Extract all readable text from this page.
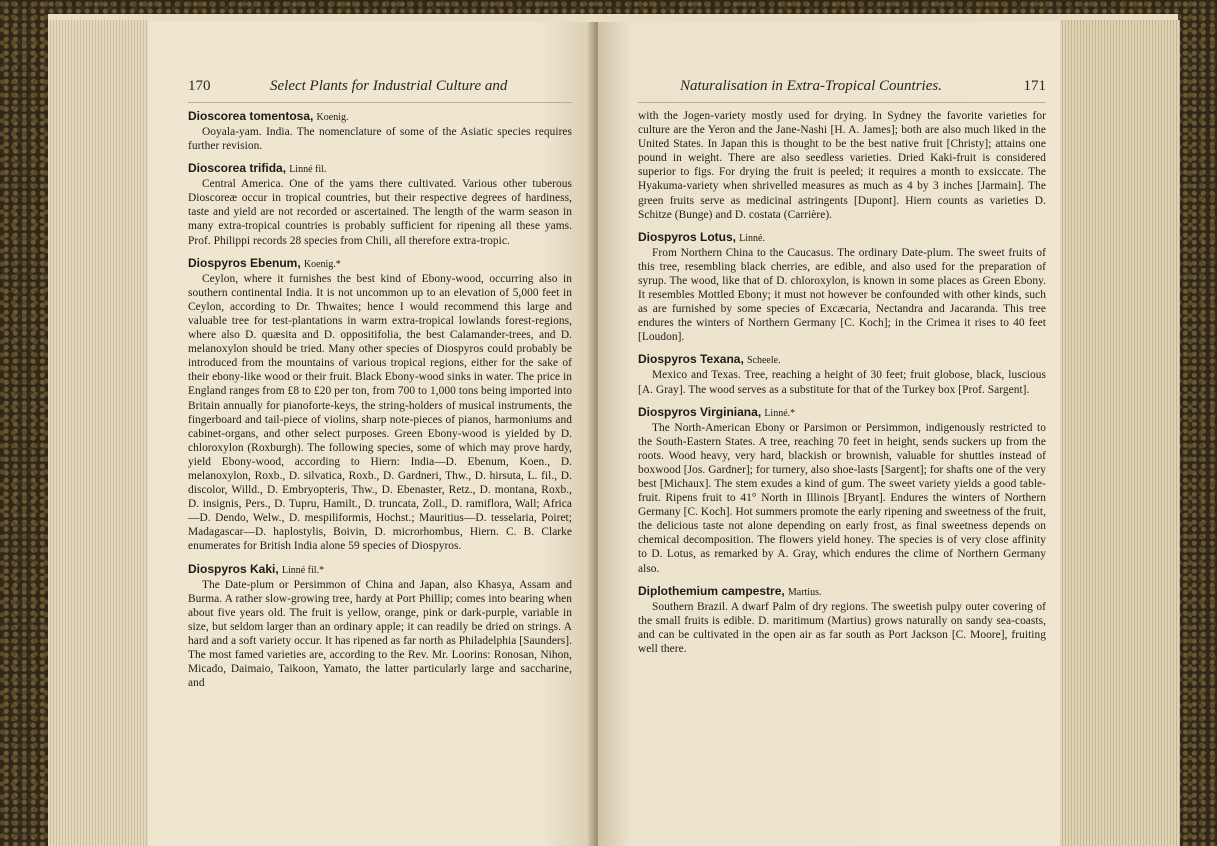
170	Select Plants for Industrial Culture and
Dioscorea tomentosa, Koenig.

Ooyala-yam. India. The nomenclature of some of the Asiatic species requires further revision.

Dioscorea trifida, Linné fil.

Central America. One of the yams there cultivated. Various other tuberous Dioscoreæ occur in tropical countries, but their respective degrees of hardiness, taste and yield are not recorded or ascertained. The length of the warm season in many extra-tropical countries is probably sufficient for ripening all these yams. Prof. Philippi records 28 species from Chili, all therefore extra-tropic.

Diospyros Ebenum, Koenig.*

Ceylon, where it furnishes the best kind of Ebony-wood, occurring also in southern continental India. It is not uncommon up to an elevation of 5,000 feet in Ceylon, according to Dr. Thwaites; hence I would recommend this large and valuable tree for test-plantations in warm extra-tropical lowlands forest-regions, where also D. quæsita and D. oppositifolia, the best Calamander-trees, and D. melanoxylon should be tried. Many other species of Diospyros could probably be introduced from the mountains of various tropical regions, either for the sake of their ebony-like wood or their fruit. Black Ebony-wood sinks in water. The price in England ranges from £8 to £20 per ton, from 700 to 1,000 tons being imported into Britain annually for pianoforte-keys, the string-holders of musical instruments, the fingerboard and tail-piece of violins, sharp note-pieces of pianos, harmoniums and cabinet-organs, and other select purposes. Green Ebony-wood is yielded by D. chloroxylon (Roxburgh). The following species, some of which may prove hardy, yield Ebony-wood, according to Hiern: India—D. Ebenum, Koen., D. melanoxylon, Roxb., D. silvatica, Roxb., D. Gardneri, Thw., D. hirsuta, L. fil., D. discolor, Willd., D. Embryopteris, Thw., D. Ebenaster, Retz., D. montana, Roxb., D. insignis, Pers., D. Tupru, Hamilt., D. truncata, Zoll., D. ramiflora, Wall; Africa—D. Dendo, Welw., D. mespiliformis, Hochst.; Mauritius—D. tesselaria, Poiret; Madagascar—D. haplostylis, Boivin, D. microrhombus, Hiern. C. B. Clarke enumerates for British India alone 59 species of Diospyros.

Diospyros Kaki, Linné fil.*

The Date-plum or Persimmon of China and Japan, also Khasya, Assam and Burma. A rather slow-growing tree, hardy at Port Phillip; comes into bearing when about five years old. The fruit is yellow, orange, pink or dark-purple, variable in size, but seldom larger than an ordinary apple; it can readily be dried on strings. A hard and a soft variety occur. It has ripened as far north as Philadelphia [Saunders]. The most famed varieties are, according to the Rev. Mr. Loorins: Ronosan, Nihon, Micado, Daimaio, Taikoon, Yamato, the latter particularly large and saccharine, and

Naturalisation in Extra-Tropical Countries.	171

with the Jogen-variety mostly used for drying. In Sydney the favorite varieties for culture are the Yeron and the Jane-Nashi [H. A. James]; both are also much liked in the United States. In Japan this is thought to be the best native fruit [Christy]; attains one pound in weight. There are also seedless varieties. Dried Kaki-fruit is considered superior to figs. For drying the fruit is peeled; it requires a month to exsiccate. The Hyakuma-variety when shrivelled measures as much as 4 by 3 inches [Jarmain]. The green fruits serve as medicinal astringents [Dupont]. Hiern counts as varieties D. Schitze (Bunge) and D. costata (Carrière).

Diospyros Lotus, Linné.

From Northern China to the Caucasus. The ordinary Date-plum. The sweet fruits of this tree, resembling black cherries, are edible, and also used for the preparation of syrup. The wood, like that of D. chloroxylon, is known in some places as Green Ebony. It resembles Mottled Ebony; it must not however be confounded with other kinds, such as are furnished by some species of Excæcaria, Nectandra and Jacaranda. This tree endures the winters of Northern Germany [C. Koch]; in the Crimea it rises to 40 feet [Loudon].

Diospyros Texana, Scheele.

Mexico and Texas. Tree, reaching a height of 30 feet; fruit globose, black, luscious [A. Gray]. The wood serves as a substitute for that of the Turkey box [Prof. Sargent].

Diospyros Virginiana, Linné.*

The North-American Ebony or Parsimon or Persimmon, indigenously restricted to the South-Eastern States. A tree, reaching 70 feet in height, sends suckers up from the roots. Wood heavy, very hard, blackish or brownish, valuable for shuttles instead of boxwood [Jos. Gardner]; for turnery, also shoe-lasts [Sargent]; for shafts one of the very best [Michaux]. The stem exudes a kind of gum. The sweet variety yields a good table-fruit. Ripens fruit to 41° North in Illinois [Bryant]. Endures the winters of Northern Germany [C. Koch]. Hot summers promote the early ripening and sweetness of the fruit, the delicious taste not alone depending on early frost, as final sweetness depends on chemical decomposition. The flowers yield honey. The species is of very close affinity to D. Lotus, as remarked by A. Gray, which endures the clime of Northern Germany also.

Diplothemium campestre, Martius.

Southern Brazil. A dwarf Palm of dry regions. The sweetish pulpy outer covering of the small fruits is edible. D. maritimum (Martius) grows naturally on sandy sea-coasts, and can be cultivated in the open air as far south as Port Jackson [C. Moore], fruiting well there.
